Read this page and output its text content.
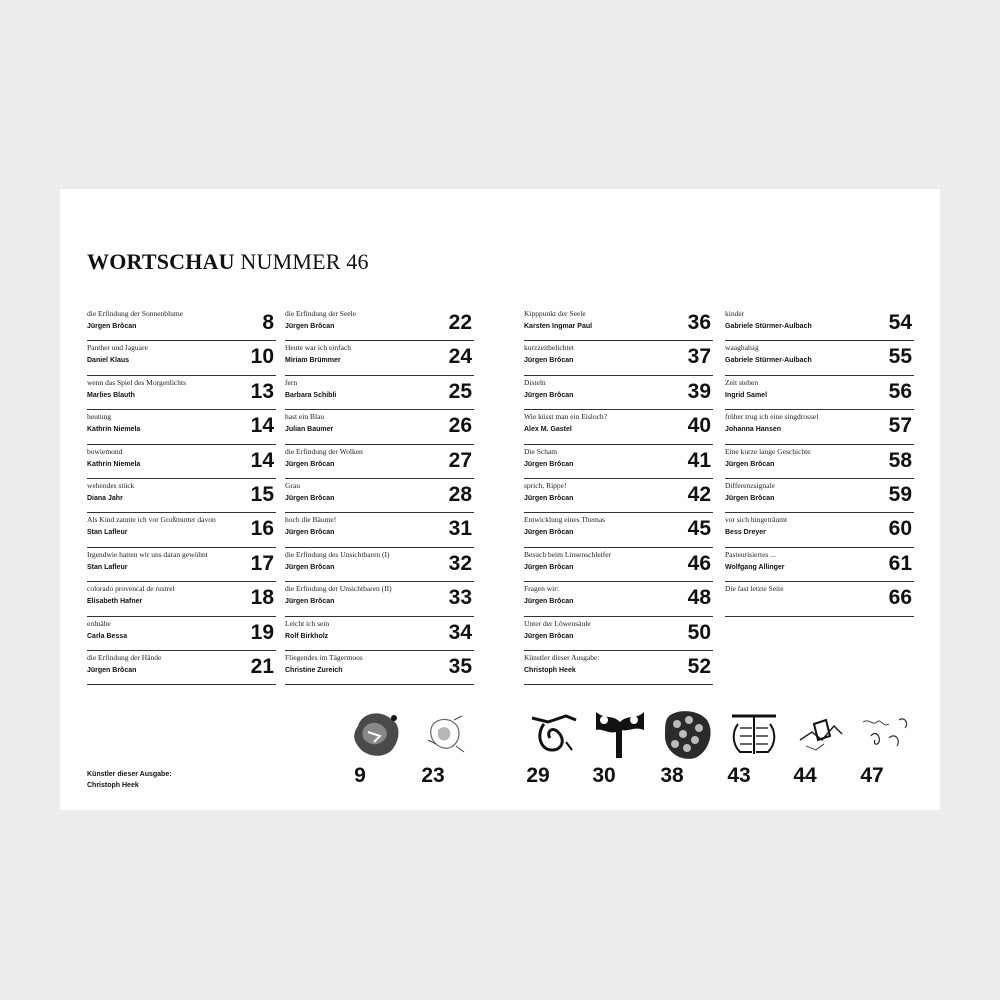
WORTSCHAU NUMMER 46
die Erfindung der Sonnenblume
Jürgen Brôcan	8
Panther und Jaguare
Daniel Klaus	10
wenn das Spiel des Morgenlichts
Marlies Blauth	13
heutung
Kathrin Niemela	14
bowiemond
Kathrin Niemela	14
wehendes stück
Diana Jahr	15
Als Kind zannte ich vor Großmutter davon
Stan Lafleur	16
Irgendwie hatten wir uns daran gewöhnt
Stan Lafleur	17
colorado provencal de rustrel
Elisabeth Hafner	18
erdnähe
Carla Bessa	19
die Erfindung der Hände
Jürgen Brôcan	21
die Erfindung der Seele
Jürgen Brôcan	22
Heute war ich einfach
Miriam Brümmer	24
fern
Barbara Schibli	25
hast ein Blau
Julian Baumer	26
die Erfindung der Wolken
Jürgen Brôcan	27
Grau
Jürgen Brôcan	28
hoch die Bäume!
Jürgen Brôcan	31
die Erfindung des Unsichtbaren (I)
Jürgen Brôcan	32
die Erfindung der Unsichtbaren (II)
Jürgen Brôcan	33
Leicht ich sein
Rolf Birkholz	34
Fliegendes im Tägermoos
Christine Zureich	35
Kipppunkt der Seele
Karsten Ingmar Paul	36
kurzzeitbelichtet
Jürgen Brôcan	37
Disteln
Jürgen Brôcan	39
Wie küsst man ein Eisloch?
Alex M. Gastel	40
Die Scham
Jürgen Brôcan	41
sprich, Rippe!
Jürgen Brôcan	42
Entwicklung eines Themas
Jürgen Brôcan	45
Besuch beim Linsenschleifer
Jürgen Brôcan	46
Fragen wir:
Jürgen Brôcan	48
Unter der Löwensäule
Jürgen Brôcan	50
Künstler dieser Ausgabe:
Christoph Heek	52
kinder
Gabriele Stürmer-Aulbach	54
waaghalsig
Gabriele Stürmer-Aulbach	55
Zeit stehen
Ingrid Samel	56
früher trug ich eine singdrossel
Johanna Hansen	57
Eine kurze lange Geschichte
Jürgen Brôcan	58
Differenzsignale
Jürgen Brôcan	59
vor sich hingeträumt
Bess Dreyer	60
Pasteurisiertes ...
Wolfgang Allinger	61
Die fast letzte Seite	66
Künstler dieser Ausgabe:
Christoph Heek	9	23	29	30	38	43	44	47
